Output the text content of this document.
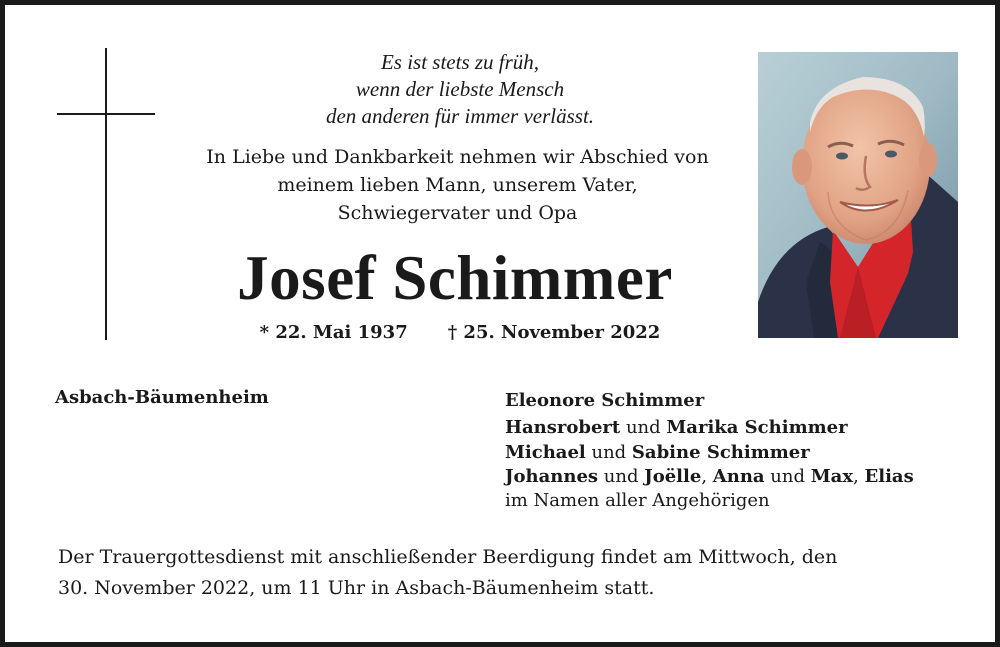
Es ist stets zu früh,
wenn der liebste Mensch
den anderen für immer verlässt.
In Liebe und Dankbarkeit nehmen wir Abschied von
meinem lieben Mann, unserem Vater,
Schwiegervater und Opa
Josef Schimmer
* 22. Mai 1937 † 25. November 2022
Asbach-Bäumenheim	Eleonore Schimmer
Hansrobert und Marika Schimmer
Michael und Sabine Schimmer
Johannes und Joëlle, Anna und Max, Elias
im Namen aller Angehörigen
Der Trauergottesdienst mit anschließender Beerdigung findet am Mittwoch, den
30. November 2022, um 11 Uhr in Asbach-Bäumenheim statt.
